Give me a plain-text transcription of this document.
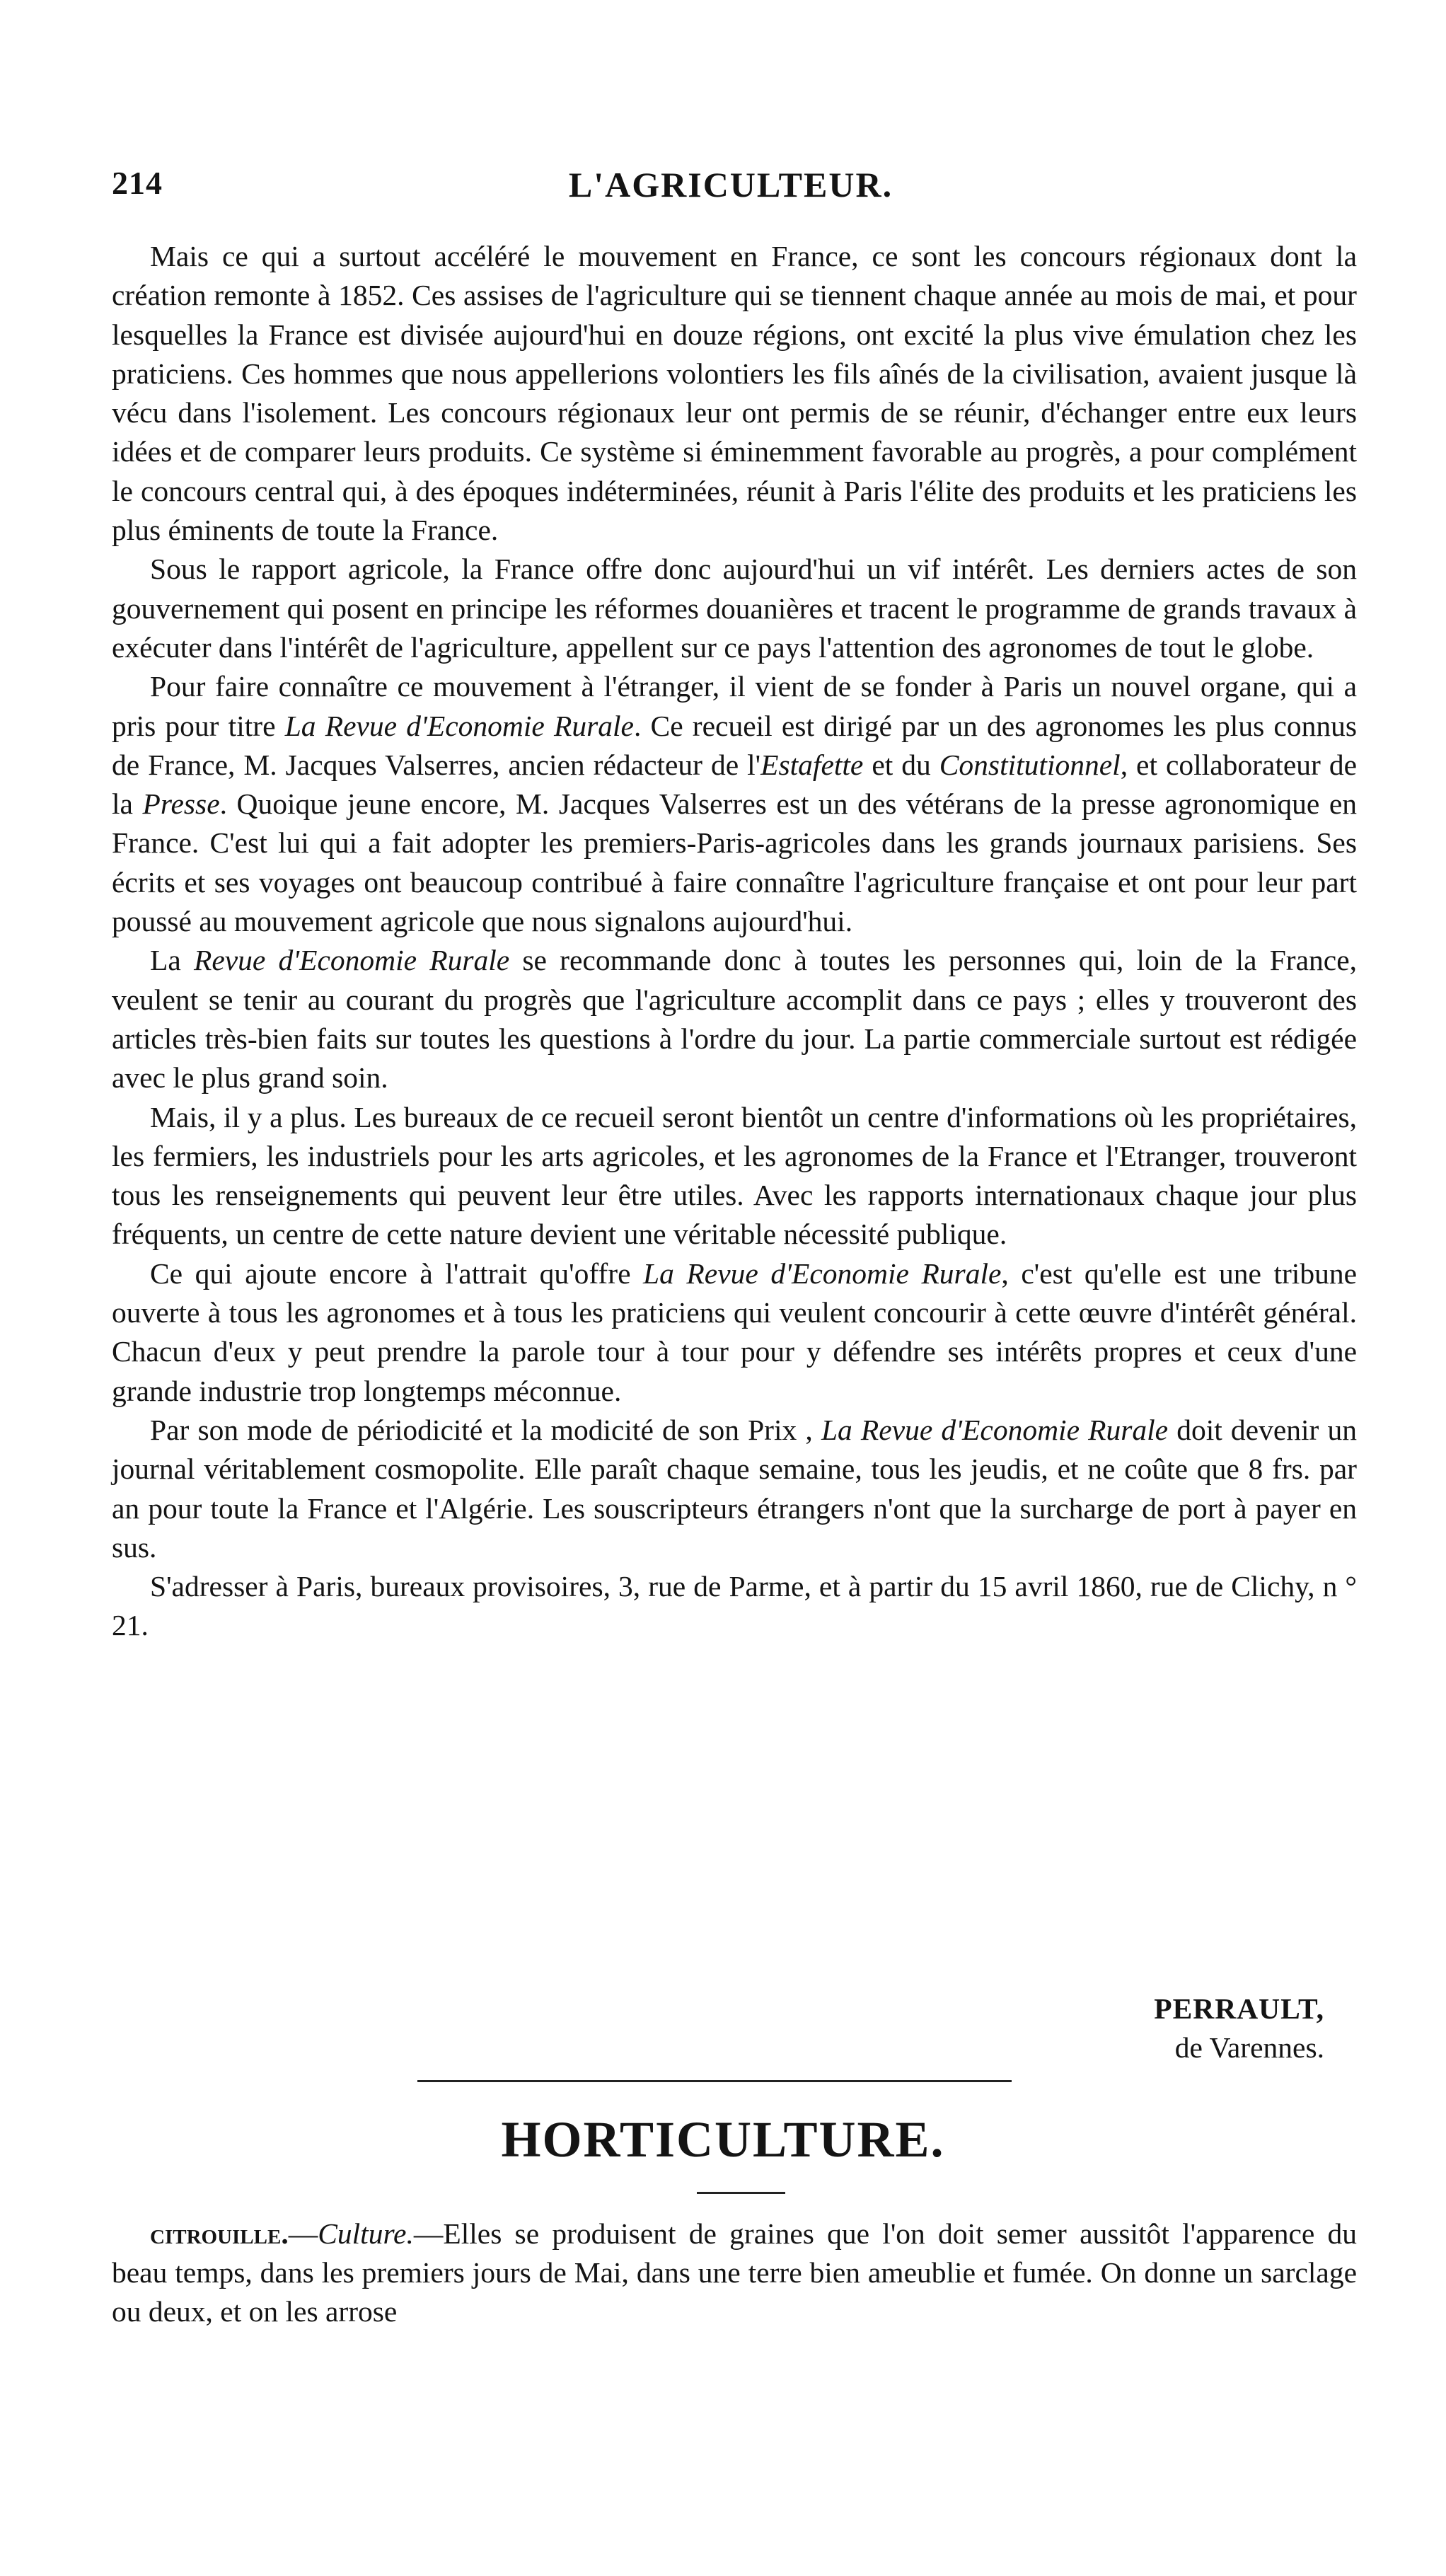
214	L'AGRICULTEUR.

Mais ce qui a surtout accéléré le mouvement en France, ce sont les concours régionaux dont la création remonte à 1852. Ces assises de l'agriculture qui se tiennent chaque année au mois de mai, et pour lesquelles la France est divisée aujourd'hui en douze régions, ont excité la plus vive émulation chez les praticiens. Ces hommes que nous appellerions volontiers les fils aînés de la civilisation, avaient jusque là vécu dans l'isolement. Les concours régionaux leur ont permis de se réunir, d'échanger entre eux leurs idées et de comparer leurs produits. Ce système si éminemment favorable au progrès, a pour complément le concours central qui, à des époques indéterminées, réunit à Paris l'élite des produits et les praticiens les plus éminents de toute la France.

Sous le rapport agricole, la France offre donc aujourd'hui un vif intérêt. Les derniers actes de son gouvernement qui posent en principe les réformes douanières et tracent le programme de grands travaux à exécuter dans l'intérêt de l'agriculture, appellent sur ce pays l'attention des agronomes de tout le globe.

Pour faire connaître ce mouvement à l'étranger, il vient de se fonder à Paris un nouvel organe, qui a pris pour titre La Revue d'Economie Rurale. Ce recueil est dirigé par un des agronomes les plus connus de France, M. Jacques Valserres, ancien rédacteur de l'Estafette et du Constitutionnel, et collaborateur de la Presse. Quoique jeune encore, M. Jacques Valserres est un des vétérans de la presse agronomique en France. C'est lui qui a fait adopter les premiers-Paris-agricoles dans les grands journaux parisiens. Ses écrits et ses voyages ont beaucoup contribué à faire connaître l'agriculture française et ont pour leur part poussé au mouvement agricole que nous signalons aujourd'hui.

La Revue d'Economie Rurale se recommande donc à toutes les personnes qui, loin de la France, veulent se tenir au courant du progrès que l'agriculture accomplit dans ce pays ; elles y trouveront des articles très-bien faits sur toutes les questions à l'ordre du jour. La partie commerciale surtout est rédigée avec le plus grand soin.

Mais, il y a plus. Les bureaux de ce recueil seront bientôt un centre d'informations où les propriétaires, les fermiers, les industriels pour les arts agricoles, et les agronomes de la France et l'Etranger, trouveront tous les renseignements qui peuvent leur être utiles. Avec les rapports internationaux chaque jour plus fréquents, un centre de cette nature devient une véritable nécessité publique.

Ce qui ajoute encore à l'attrait qu'offre La Revue d'Economie Rurale, c'est qu'elle est une tribune ouverte à tous les agronomes et à tous les praticiens qui veulent concourir à cette œuvre d'intérêt général. Chacun d'eux y peut prendre la parole tour à tour pour y défendre ses intérêts propres et ceux d'une grande industrie trop longtemps méconnue.

Par son mode de périodicité et la modicité de son Prix , La Revue d'Economie Rurale doit devenir un journal véritablement cosmopolite. Elle paraît chaque semaine, tous les jeudis, et ne coûte que 8 frs. par an pour toute la France et l'Algérie. Les souscripteurs étrangers n'ont que la surcharge de port à payer en sus.

S'adresser à Paris, bureaux provisoires, 3, rue de Parme, et à partir du 15 avril 1860, rue de Clichy, n ° 21.

PERRAULT,
de Varennes.
HORTICULTURE.

citrouille.—Culture.—Elles se produisent de graines que l'on doit semer aussitôt l'apparence du beau temps, dans les premiers jours de Mai, dans une terre bien ameublie et fumée. On donne un sarclage ou deux, et on les arrose
